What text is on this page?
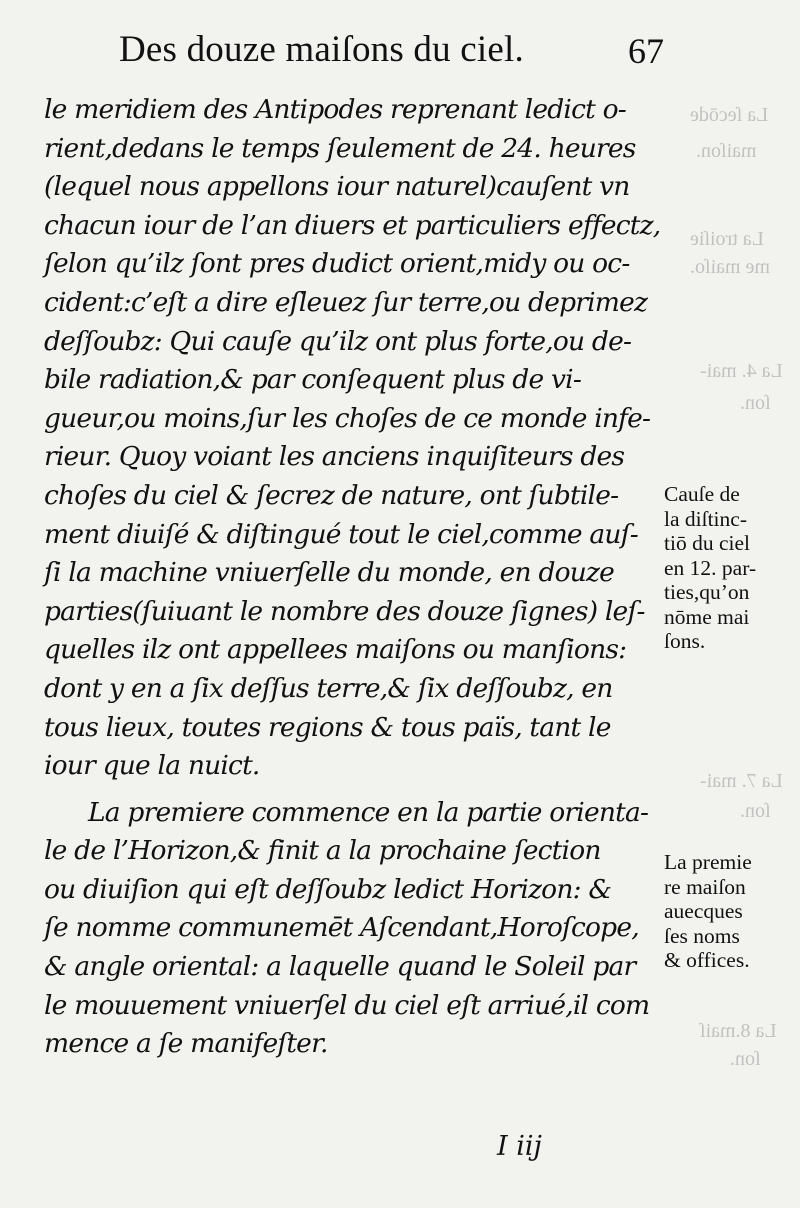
La ſecōde
maiſon.
La troiſie
me maiſo.
La 4. mai-
ſon.
La 7. mai-
ſon.
La 8.maiſ
ſon.
Des douze maiſons du ciel.	67
le meridiem des Antipodes reprenant ledict o-
rient,dedans le temps ſeulement de 24. heures
(lequel nous appellons iour naturel)cauſent vn
chacun iour de l’an diuers et particuliers effectz,
ſelon qu’ilz ſont pres dudict orient,midy ou oc-
cident:c’eſt a dire eſleuez ſur terre,ou deprimez
deſſoubz: Qui cauſe qu’ilz ont plus forte,ou de-
bile radiation,& par conſequent plus de vi-
gueur,ou moins,ſur les choſes de ce monde infe-
rieur. Quoy voiant les anciens inquiſiteurs des
choſes du ciel & ſecrez de nature, ont ſubtile-
ment diuiſé & diſtingué tout le ciel,comme auſ-
ſi la machine vniuerſelle du monde, en douze
parties(ſuiuant le nombre des douze ſignes) leſ-
quelles ilz ont appellees maiſons ou manſions:
dont y en a ſix deſſus terre,& ſix deſſoubz, en
tous lieux, toutes regions & tous païs, tant le
iour que la nuict.
La premiere commence en la partie orienta-
le de l’Horizon,& finit a la prochaine ſection
ou diuiſion qui eſt deſſoubz ledict Horizon: &
ſe nomme communemēt Aſcendant,Horoſcope,
& angle oriental: a laquelle quand le Soleil par
le mouuement vniuerſel du ciel eſt arriué,il com
mence a ſe manifeſter.
Cauſe de
la diſtinc-
tiō du ciel
en 12. par-
ties,qu’on
nōme mai
ſons.
La premie
re maiſon
auecques
ſes noms
& offices.
I iij
